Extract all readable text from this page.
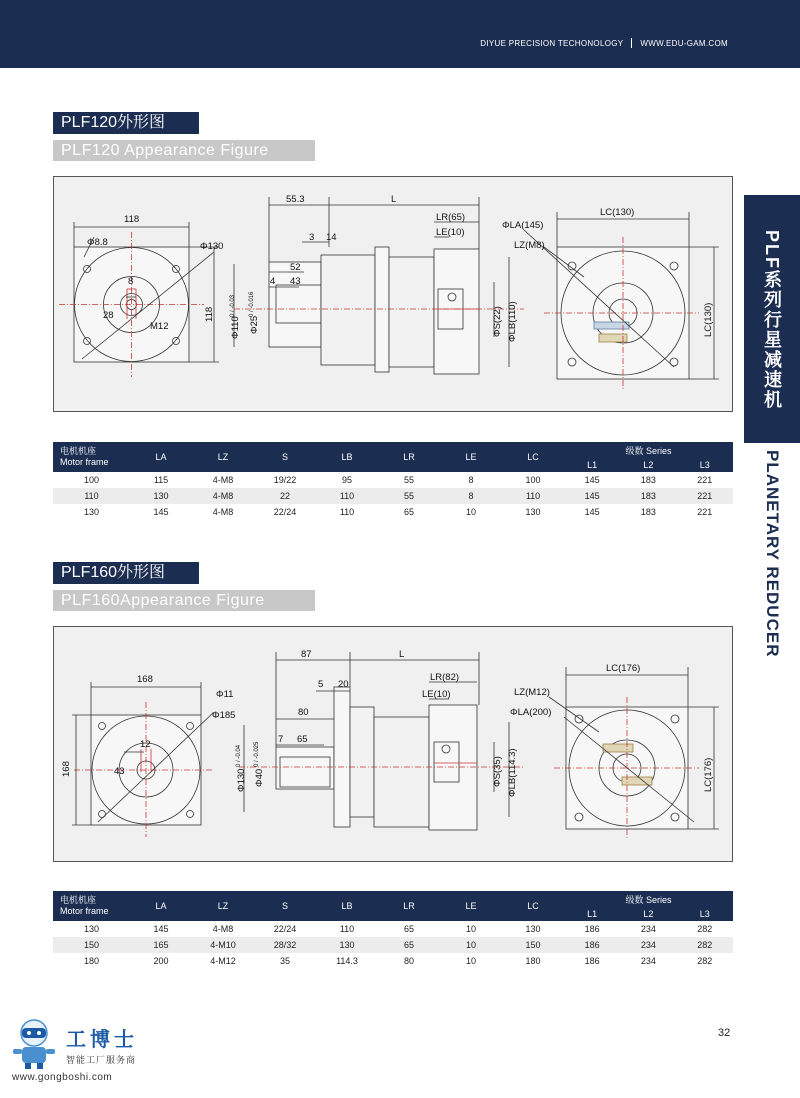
DIYUE PRECISION TECHONOLOGY WWW.EDU-GAM.COM
PLF系列行星减速机
PLANETARY REDUCER
PLF120外形图
PLF120 Appearance Figure
118
Φ8.8	Φ130
8
28
M12
118
55.3	L
3 14
52
4 43
Φ110
0 / -0.03
Φ25
0 / -0.016
LR(65)
LE(10)
ΦS(22) ΦLB(110)
ΦLA(145)
LZ(M8)
LC(130)
LC(130)
电机机座
Motor frame	LA	LZ	S	LB	LR	LE	LC	级数 Series		
								L1	L2	L3
100	115	4-M8	19/22	95	55	8	100	145	183	221
110	130	4-M8	22	110	55	8	110	145	183	221
130	145	4-M8	22/24	110	65	10	130	145	183	221
PLF160外形图
PLF160Appearance Figure
168
Φ11
Φ185
12
43
168
87	L
5 20
80
7 65
Φ130
0 / -0.04
Φ40
0 / -0.025
LR(82)
LE(10)
ΦS(35) ΦLB(114.3)
LZ(M12)
ΦLA(200)
LC(176)
LC(176)
电机机座
Motor frame	LA	LZ	S	LB	LR	LE	LC	级数 Series		
								L1	L2	L3
130	145	4-M8	22/24	110	65	10	130	186	234	282
150	165	4-M10	28/32	130	65	10	150	186	234	282
180	200	4-M12	35	114.3	80	10	180	186	234	282
32
工博士
智能工厂服务商
www.gongboshi.com
